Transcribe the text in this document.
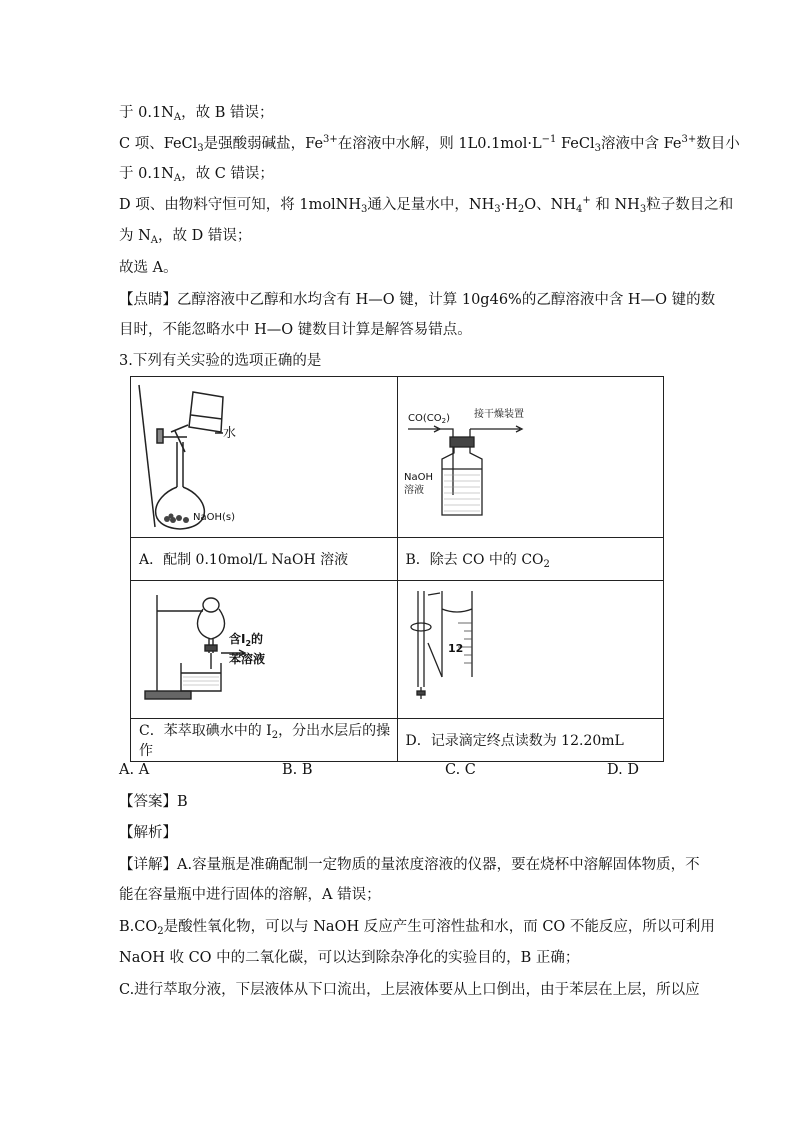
于 $0.1N_A$，故 B 错误；
C 项、FeCl$_3$是强酸弱碱盐，$Fe^{3+}$在溶液中水解，则 $1L0.1mol\cdot L^{-1}$ FeCl$_3$溶液中含 $Fe^{3+}$数目小
于 $0.1N_A$，故 C 错误；
D 项、由物料守恒可知，将 1molNH$_3$通入足量水中，$NH_3\cdot H_2O$、$NH_4^+$ 和 $NH_3$粒子数目之和
为 $N_A$，故 D 错误；
故选 A。
【点睛】乙醇溶液中乙醇和水均含有 H—O 键，计算 10g46%的乙醇溶液中含 H—O 键的数
目时，不能忽略水中 H—O 键数目计算是解答易错点。
3.下列有关实验的选项正确的是
水
NaOH(s)	$CO(CO_2)$ 接干燥装置
NaOH
溶液

A．配制 0.10mol/L NaOH 溶液	B．除去 CO 中的 $CO_2$

含$I_2$的
苯溶液	12

C．苯萃取碘水中的 $I_2$，分出水层后的操作	D．记录滴定终点读数为 12.20mL
A. A	B. B	C. C	D. D
【答案】B
【解析】
【详解】A.容量瓶是准确配制一定物质的量浓度溶液的仪器，要在烧杯中溶解固体物质，不
能在容量瓶中进行固体的溶解，A 错误；
$B.CO_2$是酸性氧化物，可以与 NaOH 反应产生可溶性盐和水，而 CO 不能反应，所以可利用
NaOH 收 CO 中的二氧化碳，可以达到除杂净化的实验目的，B 正确；
C.进行萃取分液，下层液体从下口流出，上层液体要从上口倒出，由于苯层在上层，所以应
